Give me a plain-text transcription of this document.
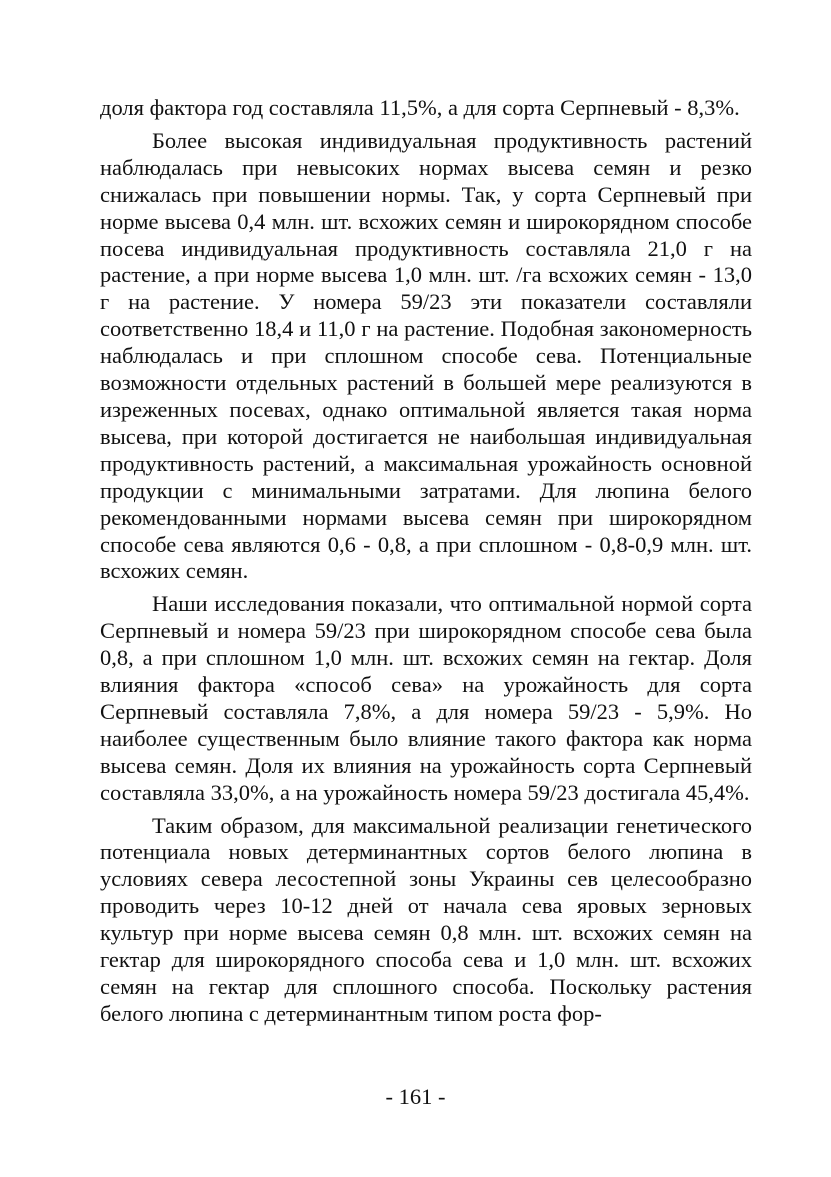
доля фактора год составляла 11,5%, а для сорта Серпневый - 8,3%.

Более высокая индивидуальная продуктивность растений наблюдалась при невысоких нормах высева семян и резко снижалась при повышении нормы. Так, у сорта Серпневый при норме высева 0,4 млн. шт. всхожих семян и широкорядном способе посева индивидуальная продуктивность составляла 21,0 г на растение, а при норме высева 1,0 млн. шт. /га всхожих семян - 13,0 г на растение. У номера 59/23 эти показатели составляли соответственно 18,4 и 11,0 г на растение. Подобная закономерность наблюдалась и при сплошном способе сева. Потенциальные возможности отдельных растений в большей мере реализуются в изреженных посевах, однако оптимальной является такая норма высева, при которой достигается не наибольшая индивидуальная продуктивность растений, а максимальная урожайность основной продукции с минимальными затратами. Для люпина белого рекомендованными нормами высева семян при широкорядном способе сева являются 0,6 - 0,8, а при сплошном - 0,8-0,9 млн. шт. всхожих семян.

Наши исследования показали, что оптимальной нормой сорта Серпневый и номера 59/23 при широкорядном способе сева была 0,8, а при сплошном 1,0 млн. шт. всхожих семян на гектар. Доля влияния фактора «способ сева» на урожайность для сорта Серпневый составляла 7,8%, а для номера 59/23 - 5,9%. Но наиболее существенным было влияние такого фактора как норма высева семян. Доля их влияния на урожайность сорта Серпневый составляла 33,0%, а на урожайность номера 59/23 достигала 45,4%.

Таким образом, для максимальной реализации генетического потенциала новых детерминантных сортов белого люпина в условиях севера лесостепной зоны Украины сев целесообразно проводить через 10-12 дней от начала сева яровых зерновых культур при норме высева семян 0,8 млн. шт. всхожих семян на гектар для широкорядного способа сева и 1,0 млн. шт. всхожих семян на гектар для сплошного способа. Поскольку растения белого люпина с детерминантным типом роста фор-

- 161 -
